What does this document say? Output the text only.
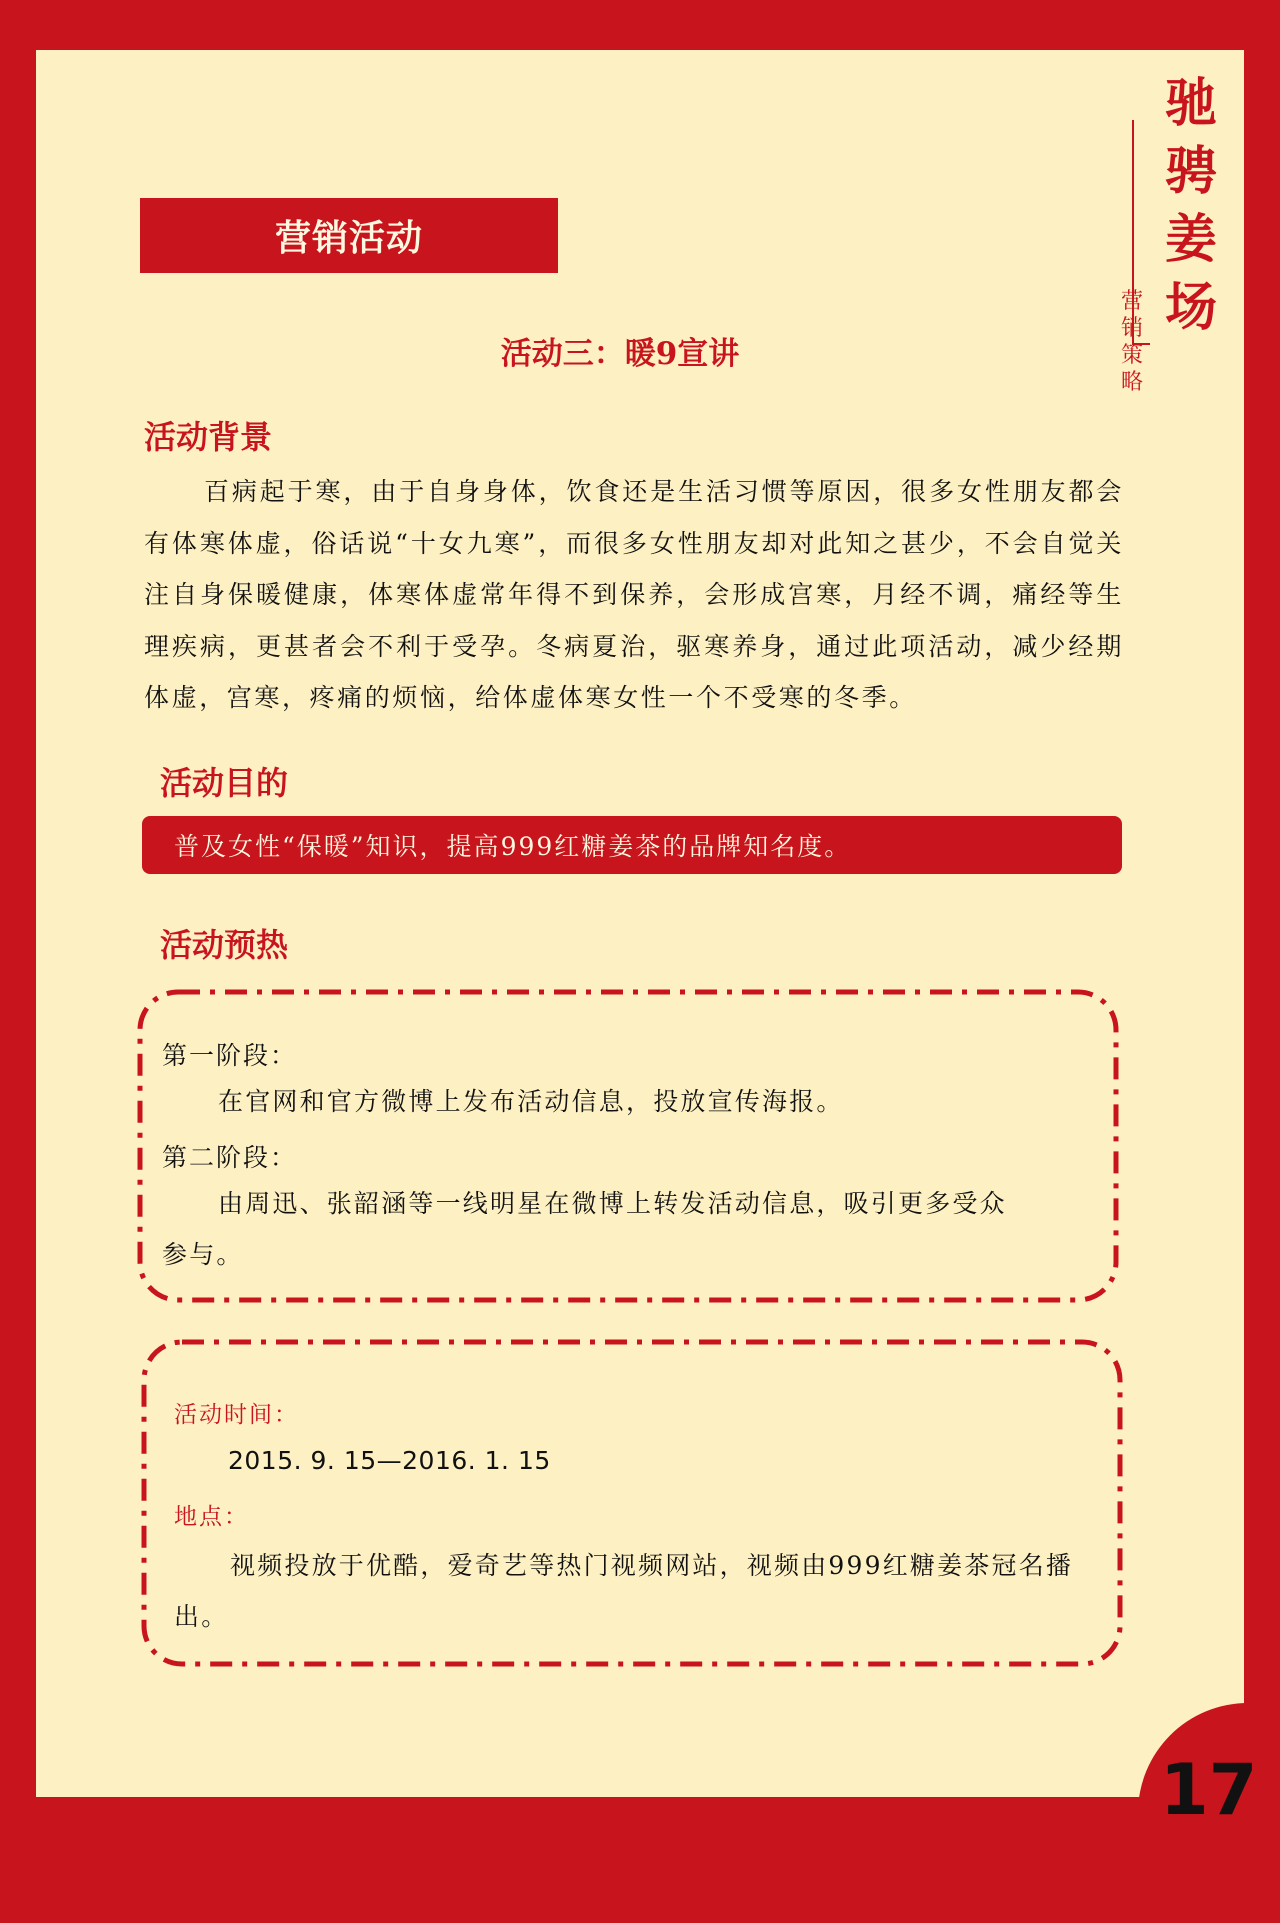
17
驰骋姜场
营销策略
营销活动
活动三：暖9宣讲
活动背景
百病起于寒，由于自身身体，饮食还是生活习惯等原因，很多女性朋友都会有体寒体虚，俗话说“十女九寒”，而很多女性朋友却对此知之甚少，不会自觉关注自身保暖健康，体寒体虚常年得不到保养，会形成宫寒，月经不调，痛经等生理疾病，更甚者会不利于受孕。冬病夏治，驱寒养身，通过此项活动，减少经期体虚，宫寒，疼痛的烦恼，给体虚体寒女性一个不受寒的冬季。
活动目的
普及女性“保暖”知识，提高999红糖姜茶的品牌知名度。
活动预热
第一阶段：
在官网和官方微博上发布活动信息，投放宣传海报。
第二阶段：
由周迅、张韶涵等一线明星在微博上转发活动信息，吸引更多受众参与。
活动时间：
2015. 9. 15—2016. 1. 15
地点：
视频投放于优酷，爱奇艺等热门视频网站，视频由999红糖姜茶冠名播出。
